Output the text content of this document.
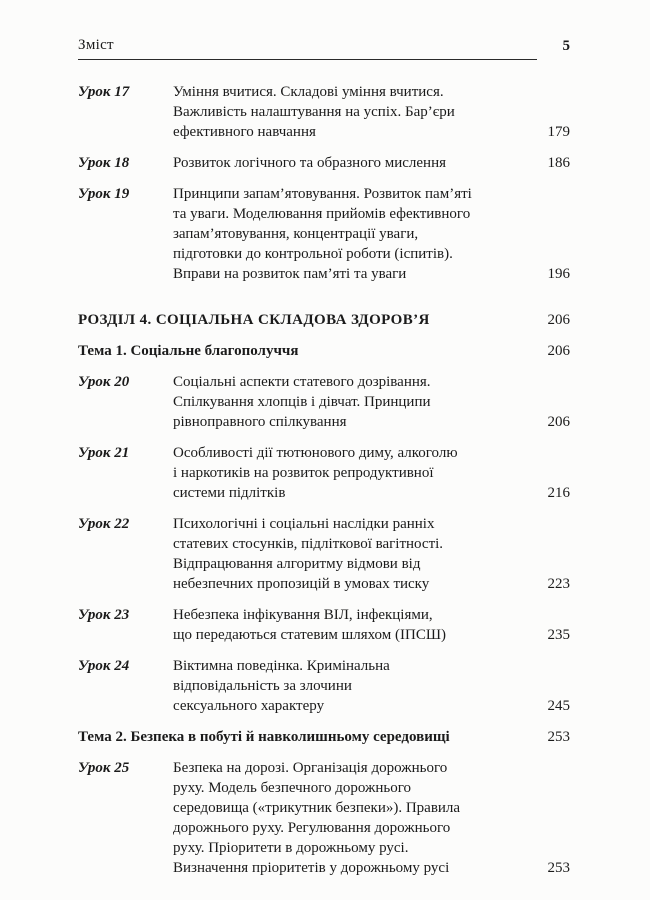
Зміст	5
Урок 17	Уміння вчитися. Складові уміння вчитися.
Важливість налаштування на успіх. Бар’єри
ефективного навчання	179
Урок 18	Розвиток логічного та образного мислення	186
Урок 19	Принципи запам’ятовування. Розвиток пам’яті
та уваги. Моделювання прийомів ефективного
запам’ятовування, концентрації уваги,
підготовки до контрольної роботи (іспитів).
Вправи на розвиток пам’яті та уваги	196
РОЗДІЛ 4. СОЦІАЛЬНА СКЛАДОВА ЗДОРОВ’Я	206
Тема 1. Соціальне благополуччя	206
Урок 20	Соціальні аспекти статевого дозрівання.
Спілкування хлопців і дівчат. Принципи
рівноправного спілкування	206
Урок 21	Особливості дії тютюнового диму, алкоголю
і наркотиків на розвиток репродуктивної
системи підлітків	216
Урок 22	Психологічні і соціальні наслідки ранніх
статевих стосунків, підліткової вагітності.
Відпрацювання алгоритму відмови від
небезпечних пропозицій в умовах тиску	223
Урок 23	Небезпека інфікування ВІЛ, інфекціями,
що передаються статевим шляхом (ІПСШ)	235
Урок 24	Віктимна поведінка. Кримінальна
відповідальність за злочини
сексуального характеру	245
Тема 2. Безпека в побуті й навколишньому середовищі	253
Урок 25	Безпека на дорозі. Організація дорожнього
руху. Модель безпечного дорожнього
середовища («трикутник безпеки»). Правила
дорожнього руху. Регулювання дорожнього
руху. Пріоритети в дорожньому русі.
Визначення пріоритетів у дорожньому русі	253
